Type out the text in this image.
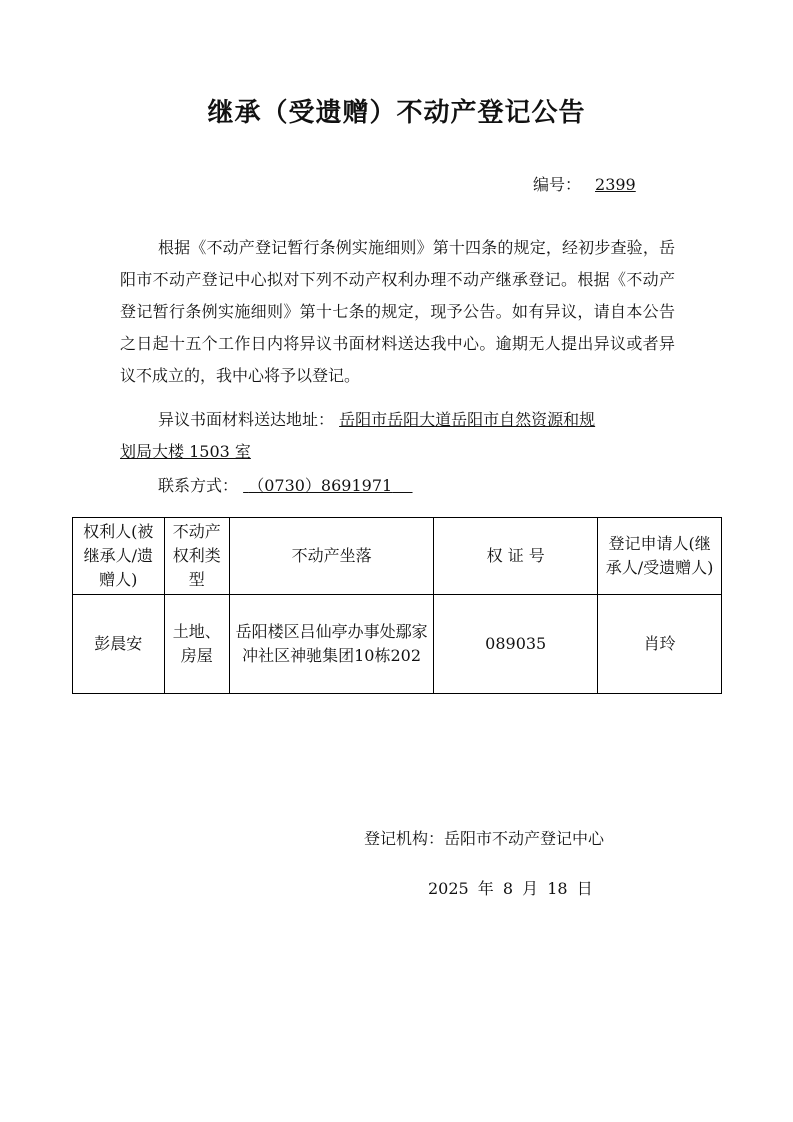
继承（受遗赠）不动产登记公告
编号： 2399
根据《不动产登记暂行条例实施细则》第十四条的规定，经初步查验，岳阳市不动产登记中心拟对下列不动产权利办理不动产继承登记。根据《不动产登记暂行条例实施细则》第十七条的规定，现予公告。如有异议，请自本公告之日起十五个工作日内将异议书面材料送达我中心。逾期无人提出异议或者异议不成立的，我中心将予以登记。
异议书面材料送达地址： 岳阳市岳阳大道岳阳市自然资源和规
划局大楼 1503 室
联系方式： （0730）8691971
权利人(被继承人/遗赠人)	不动产权利类型	不动产坐落	权 证 号	登记申请人(继承人/受遗赠人)
彭晨安	土地、房屋	岳阳楼区吕仙亭办事处鄢家冲社区神驰集团10栋202	089035	肖玲
登记机构：岳阳市不动产登记中心
2025 年 8 月 18 日
